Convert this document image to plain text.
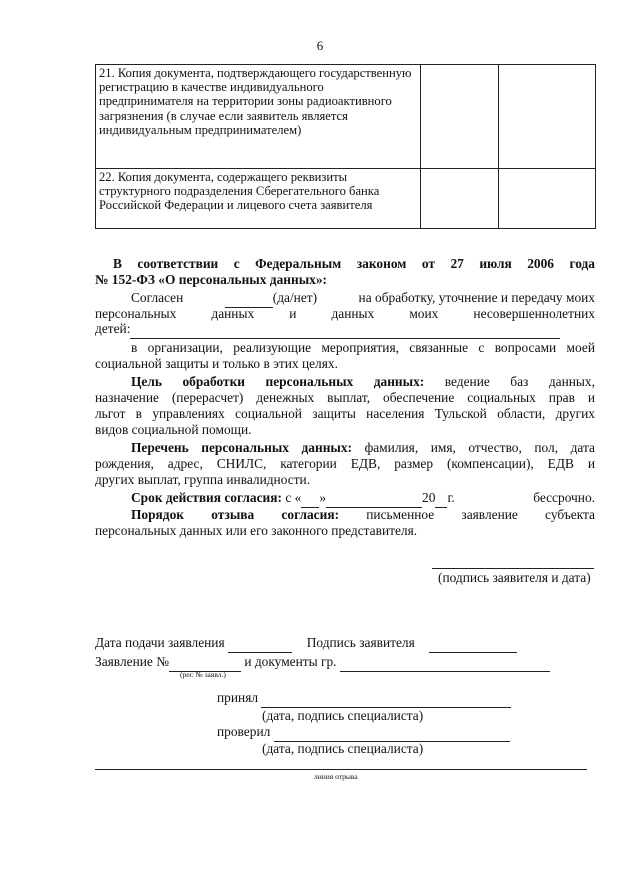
6
21. Копия документа, подтверждающего государственную регистрацию в качестве индивидуального предпринимателя на территории зоны радиоактивного загрязнения (в случае если заявитель является индивидуальным предпринимателем)		
22. Копия документа, содержащего реквизиты структурного подразделения Сберегательного банка Российской Федерации и лицевого счета заявителя		
В соответствии с Федеральным законом от 27 июля 2006 года
№ 152-ФЗ «О персональных данных»:
Согласен	(да/нет)	на обработку, уточнение и передачу моих
персональных данных и данных моих несовершеннолетних
детей:
в организации, реализующие мероприятия, связанные с вопросами моей
социальной защиты и только в этих целях.
Цель обработки персональных данных: ведение баз данных,
назначение (перерасчет) денежных выплат, обеспечение социальных прав и
льгот в управлениях социальной защиты населения Тульской области, других
видов социальной помощи.
Перечень персональных данных: фамилия, имя, отчество, пол, дата
рождения, адрес, СНИЛС, категории ЕДВ, размер (компенсации), ЕДВ и
других выплат, группа инвалидности.
Срок действия согласия: с « »	20 г.	бессрочно.
Порядок отзыва согласия: письменное заявление субъекта
персональных данных или его законного представителя.
(подпись заявителя и дата)
Дата подачи заявления	Подпись заявителя
Заявление №	и документы гр.
(рег. № заявл.)
принял
(дата, подпись специалиста)
проверил
(дата, подпись специалиста)
линия отрыва
